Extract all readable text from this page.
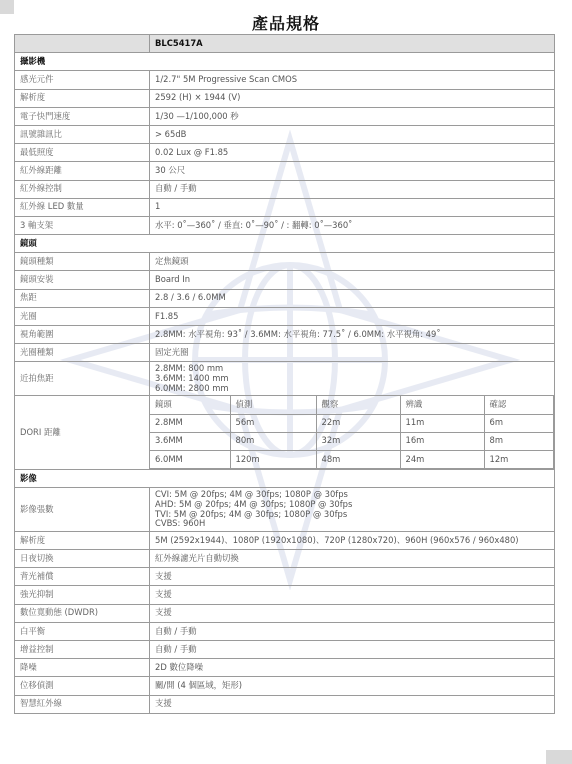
產品規格
	BLC5417A
攝影機
感光元件	1/2.7" 5M Progressive Scan CMOS
解析度	2592 (H) × 1944 (V)
電子快門速度	1/30 —1/100,000 秒
訊號雜訊比	> 65dB
最低照度	0.02 Lux @ F1.85
紅外線距離	30 公尺
紅外線控制	自動 / 手動
紅外線 LED 數量	1
3 軸支架	水平: 0˚—360˚ / 垂直: 0˚—90˚ / : 翻轉: 0˚—360˚
鏡頭
鏡頭種類	定焦鏡頭
鏡頭安裝	Board In
焦距	2.8 / 3.6 / 6.0MM
光圈	F1.85
視角範圍	2.8MM: 水平視角: 93˚ / 3.6MM: 水平視角: 77.5˚ / 6.0MM: 水平視角: 49˚
光圈種類	固定光圈
近拍焦距	
2.8MM: 800 mm
3.6MM: 1400 mm
6.0MM: 2800 mm

DORI 距離	
鏡頭	偵測	觀察	辨識	確認
2.8MM	56m	22m	11m	6m
3.6MM	80m	32m	16m	8m
6.0MM	120m	48m	24m	12m

影像
影像張數	
CVI: 5M @ 20fps; 4M @ 30fps; 1080P @ 30fps
AHD: 5M @ 20fps; 4M @ 30fps; 1080P @ 30fps
TVI: 5M @ 20fps; 4M @ 30fps; 1080P @ 30fps
CVBS: 960H

解析度	5M (2592x1944)、1080P (1920x1080)、720P (1280x720)、960H (960x576 / 960x480)
日夜切換	紅外線濾光片自動切換
背光補償	支援
強光抑制	支援
數位寬動態 (DWDR)	支援
白平衡	自動 / 手動
增益控制	自動 / 手動
降噪	2D 數位降噪
位移偵測	關/開 (4 個區域，矩形)
智慧紅外線	支援
